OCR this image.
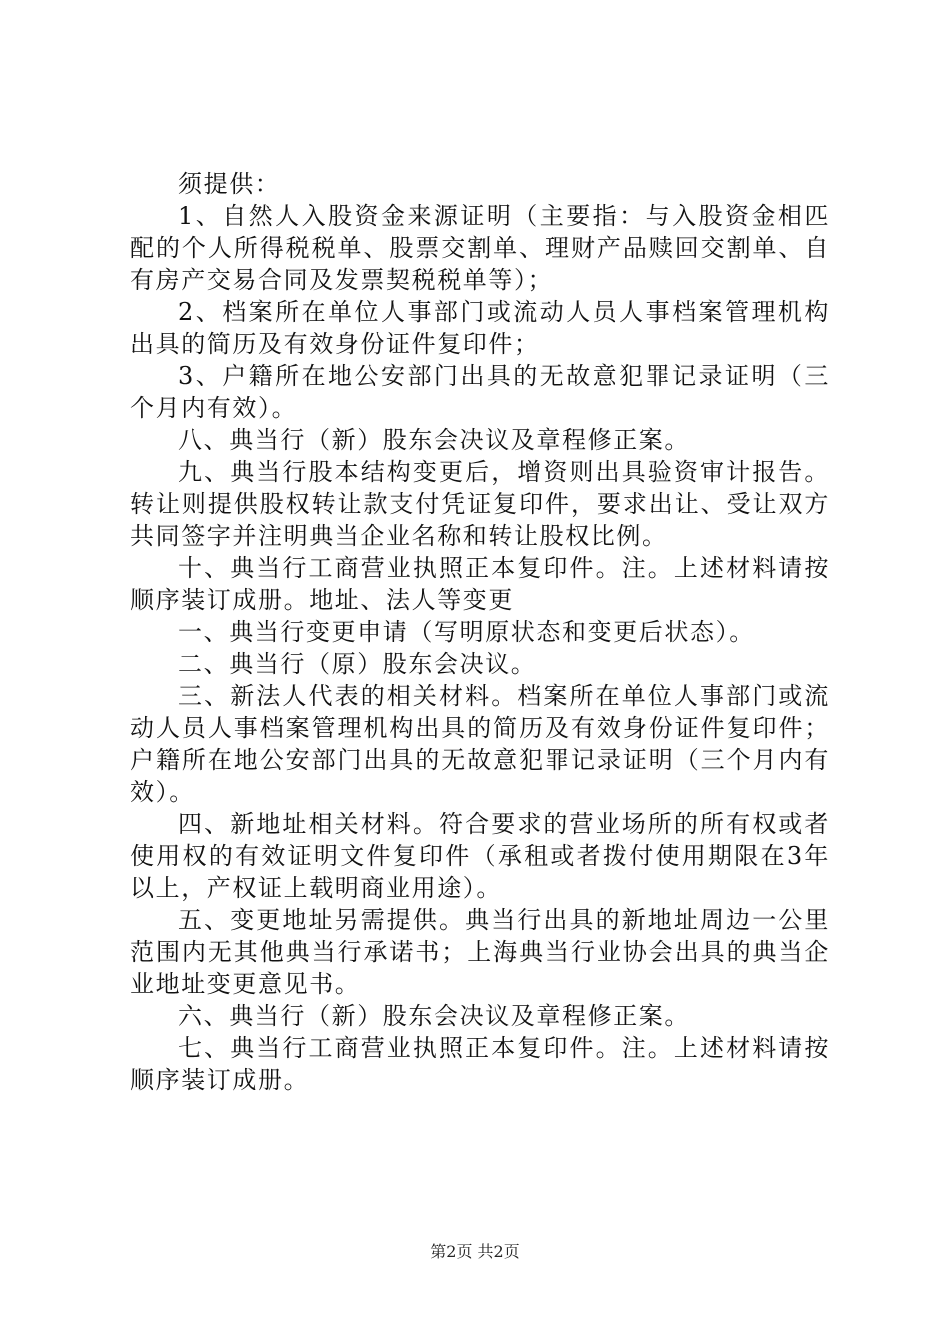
须提供：

1、自然人入股资金来源证明（主要指：与入股资金相匹配的个人所得税税单、股票交割单、理财产品赎回交割单、自有房产交易合同及发票契税税单等）；

2、档案所在单位人事部门或流动人员人事档案管理机构出具的简历及有效身份证件复印件；

3、户籍所在地公安部门出具的无故意犯罪记录证明（三个月内有效）。

八、典当行（新）股东会决议及章程修正案。

九、典当行股本结构变更后，增资则出具验资审计报告。转让则提供股权转让款支付凭证复印件，要求出让、受让双方共同签字并注明典当企业名称和转让股权比例。

十、典当行工商营业执照正本复印件。注。上述材料请按顺序装订成册。地址、法人等变更

一、典当行变更申请（写明原状态和变更后状态）。

二、典当行（原）股东会决议。

三、新法人代表的相关材料。档案所在单位人事部门或流动人员人事档案管理机构出具的简历及有效身份证件复印件；户籍所在地公安部门出具的无故意犯罪记录证明（三个月内有效）。

四、新地址相关材料。符合要求的营业场所的所有权或者使用权的有效证明文件复印件（承租或者拨付使用期限在3年以上，产权证上载明商业用途）。

五、变更地址另需提供。典当行出具的新地址周边一公里范围内无其他典当行承诺书；上海典当行业协会出具的典当企业地址变更意见书。

六、典当行（新）股东会决议及章程修正案。

七、典当行工商营业执照正本复印件。注。上述材料请按顺序装订成册。

第2页 共2页
